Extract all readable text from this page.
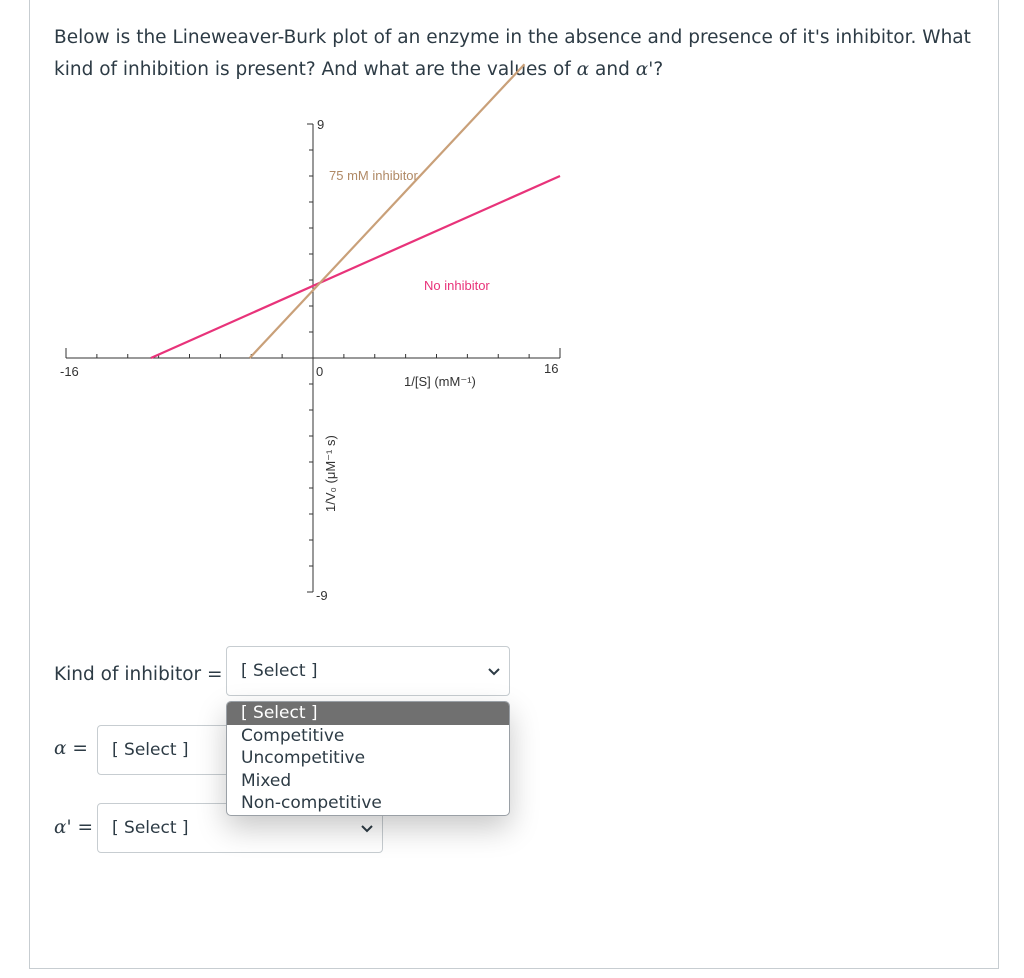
Below is the Lineweaver-Burk plot of an enzyme in the absence and presence of it's inhibitor. What
kind of inhibition is present? And what are the values of α and α'?
-16	0	16
9
-9
1/[S] (mM⁻¹)
1/V₀ (μM⁻¹ s)
75 mM inhibitor
No inhibitor
Kind of inhibitor = [ Select ]
α = [ Select ]
α' = [ Select ]
[ Select ]
Competitive
Uncompetitive
Mixed
Non-competitive
